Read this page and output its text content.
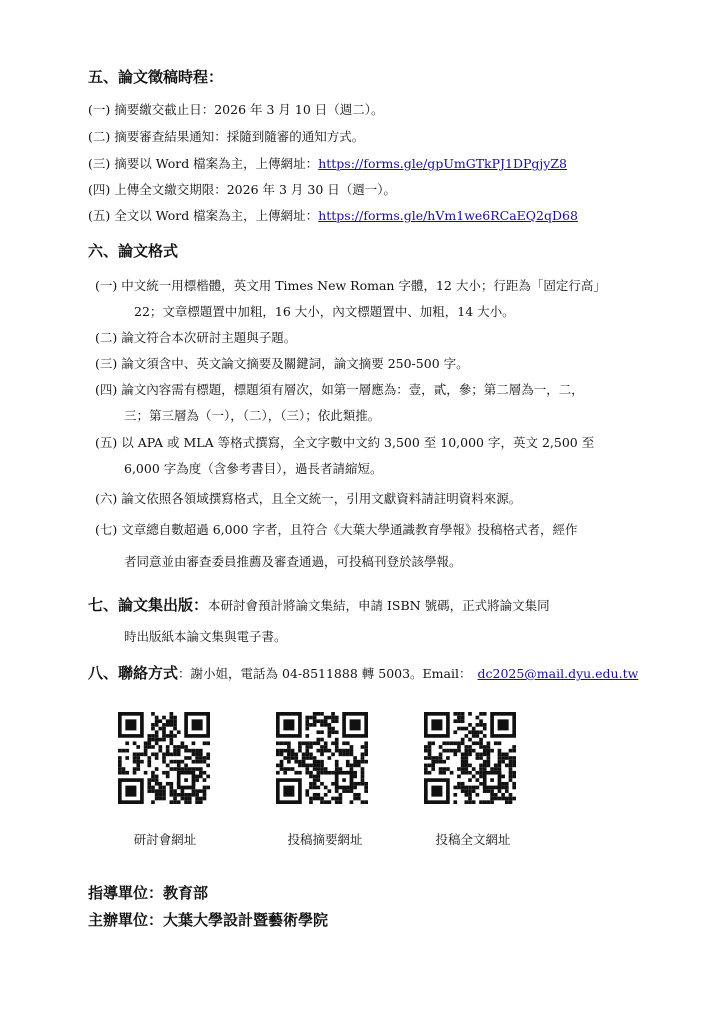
五、論文徵稿時程：
(一) 摘要繳交截止日：2026 年 3 月 10 日（週二）。
(二) 摘要審查結果通知：採隨到隨審的通知方式。
(三) 摘要以 Word 檔案為主，上傳網址：https://forms.gle/gpUmGTkPJ1DPgjyZ8
(四) 上傳全文繳交期限：2026 年 3 月 30 日（週一）。
(五) 全文以 Word 檔案為主，上傳網址：https://forms.gle/hVm1we6RCaEQ2qD68
六、論文格式
(一) 中文統一用標楷體，英文用 Times New Roman 字體，12 大小；行距為「固定行高」
22；文章標題置中加粗，16 大小，內文標題置中、加粗，14 大小。
(二) 論文符合本次研討主題與子題。
(三) 論文須含中、英文論文摘要及關鍵詞，論文摘要 250-500 字。
(四) 論文內容需有標題，標題須有層次，如第一層應為：壹，貳，參；第二層為一，二，
三；第三層為（一），（二），（三）；依此類推。
(五) 以 APA 或 MLA 等格式撰寫，全文字數中文約 3,500 至 10,000 字，英文 2,500 至
6,000 字為度（含參考書目），過長者請縮短。
(六) 論文依照各領域撰寫格式，且全文統一，引用文獻資料請註明資料來源。
(七) 文章總自數超過 6,000 字者，且符合《大葉大學通識教育學報》投稿格式者，經作
者同意並由審查委員推薦及審查通過，可投稿刊登於該學報。
七、論文集出版：本研討會預計將論文集結，申請 ISBN 號碼，正式將論文集同
時出版紙本論文集與電子書。
八、聯絡方式：謝小姐，電話為 04-8511888 轉 5003。Email： dc2025@mail.dyu.edu.tw
研討會網址	投稿摘要網址	投稿全文網址
指導單位：教育部
主辦單位：大葉大學設計暨藝術學院
